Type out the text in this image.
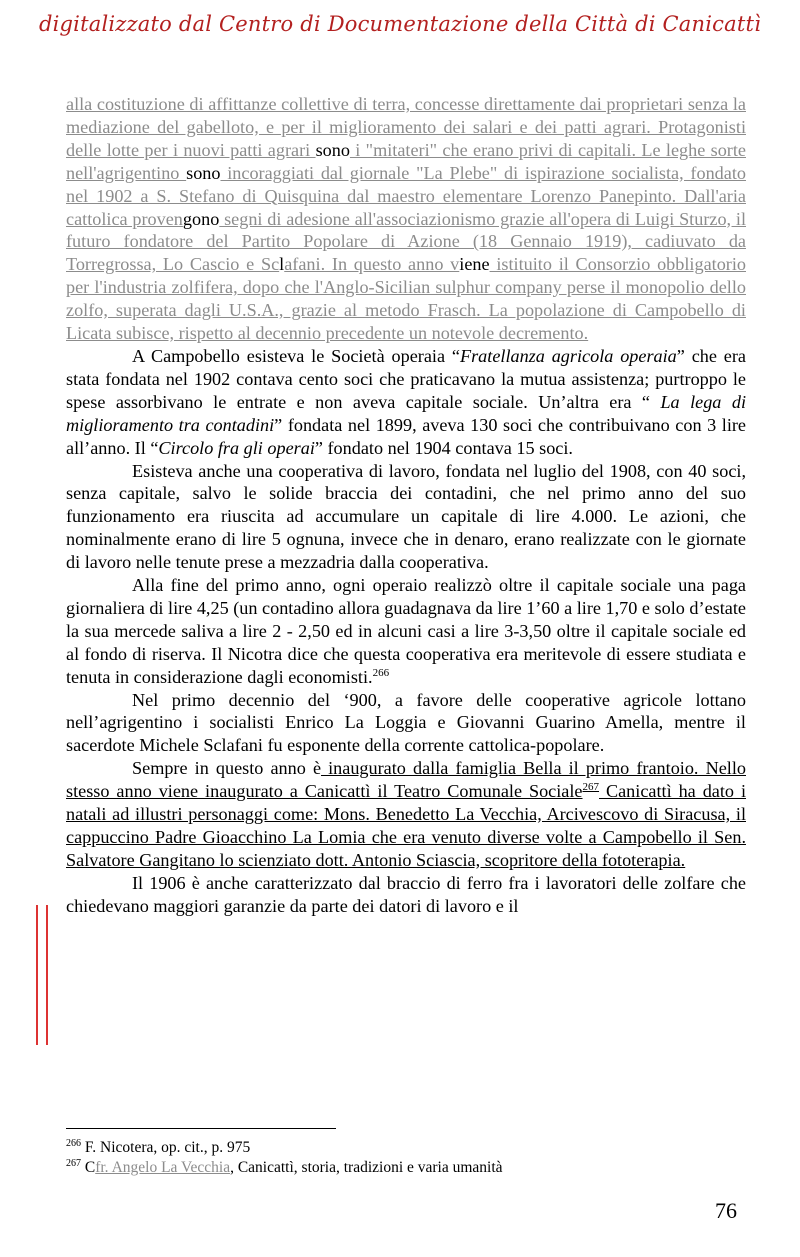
digitalizzato dal Centro di Documentazione della Città di Canicattì

alla costituzione di affittanze collettive di terra, concesse direttamente dai proprietari senza la mediazione del gabelloto, e per il miglioramento dei salari e dei patti agrari. Protagonisti delle lotte per i nuovi patti agrari sono i "mitateri" che erano privi di capitali. Le leghe sorte nell'agrigentino sono incoraggiati dal giornale "La Plebe" di ispirazione socialista, fondato nel 1902 a S. Stefano di Quisquina dal maestro elementare Lorenzo Panepinto. Dall'aria cattolica provengono segni di adesione all'associazionismo grazie all'opera di Luigi Sturzo, il futuro fondatore del Partito Popolare di Azione (18 Gennaio 1919), cadiuvato da Torregrossa, Lo Cascio e Sclafani. In questo anno viene istituito il Consorzio obbligatorio per l'industria zolfifera, dopo che l'Anglo-Sicilian sulphur company perse il monopolio dello zolfo, superata dagli U.S.A., grazie al metodo Frasch. La popolazione di Campobello di Licata subisce, rispetto al decennio precedente un notevole decremento.

A Campobello esisteva le Società operaia “Fratellanza agricola operaia” che era stata fondata nel 1902 contava cento soci che praticavano la mutua assistenza; purtroppo le spese assorbivano le entrate e non aveva capitale sociale. Un’altra era “ La lega di miglioramento tra contadini” fondata nel 1899, aveva 130 soci che contribuivano con 3 lire all’anno. Il “Circolo fra gli operai” fondato nel 1904 contava 15 soci.

Esisteva anche una cooperativa di lavoro, fondata nel luglio del 1908, con 40 soci, senza capitale, salvo le solide braccia dei contadini, che nel primo anno del suo funzionamento era riuscita ad accumulare un capitale di lire 4.000. Le azioni, che nominalmente erano di lire 5 ognuna, invece che in denaro, erano realizzate con le giornate di lavoro nelle tenute prese a mezzadria dalla cooperativa.

Alla fine del primo anno, ogni operaio realizzò oltre il capitale sociale una paga giornaliera di lire 4,25 (un contadino allora guadagnava da lire 1’60 a lire 1,70 e solo d’estate la sua mercede saliva a lire 2 - 2,50 ed in alcuni casi a lire 3-3,50 oltre il capitale sociale ed al fondo di riserva. Il Nicotra dice che questa cooperativa era meritevole di essere studiata e tenuta in considerazione dagli economisti.$^{266}$

Nel primo decennio del ‘900, a favore delle cooperative agricole lottano nell’agrigentino i socialisti Enrico La Loggia e Giovanni Guarino Amella, mentre il sacerdote Michele Sclafani fu esponente della corrente cattolica-popolare.

Sempre in questo anno è inaugurato dalla famiglia Bella il primo frantoio. Nello stesso anno viene inaugurato a Canicattì il Teatro Comunale Sociale$^{267}$ Canicattì ha dato i natali ad illustri personaggi come: Mons. Benedetto La Vecchia, Arcivescovo di Siracusa, il cappuccino Padre Gioacchino La Lomia che era venuto diverse volte a Campobello il Sen. Salvatore Gangitano lo scienziato dott. Antonio Sciascia, scopritore della fototerapia.

Il 1906 è anche caratterizzato dal braccio di ferro fra i lavoratori delle zolfare che chiedevano maggiori garanzie da parte dei datori di lavoro e il

$^{266}$ F. Nicotera, op. cit., p. 975
$^{267}$ Cfr. Angelo La Vecchia, Canicattì, storia, tradizioni e varia umanità
76
